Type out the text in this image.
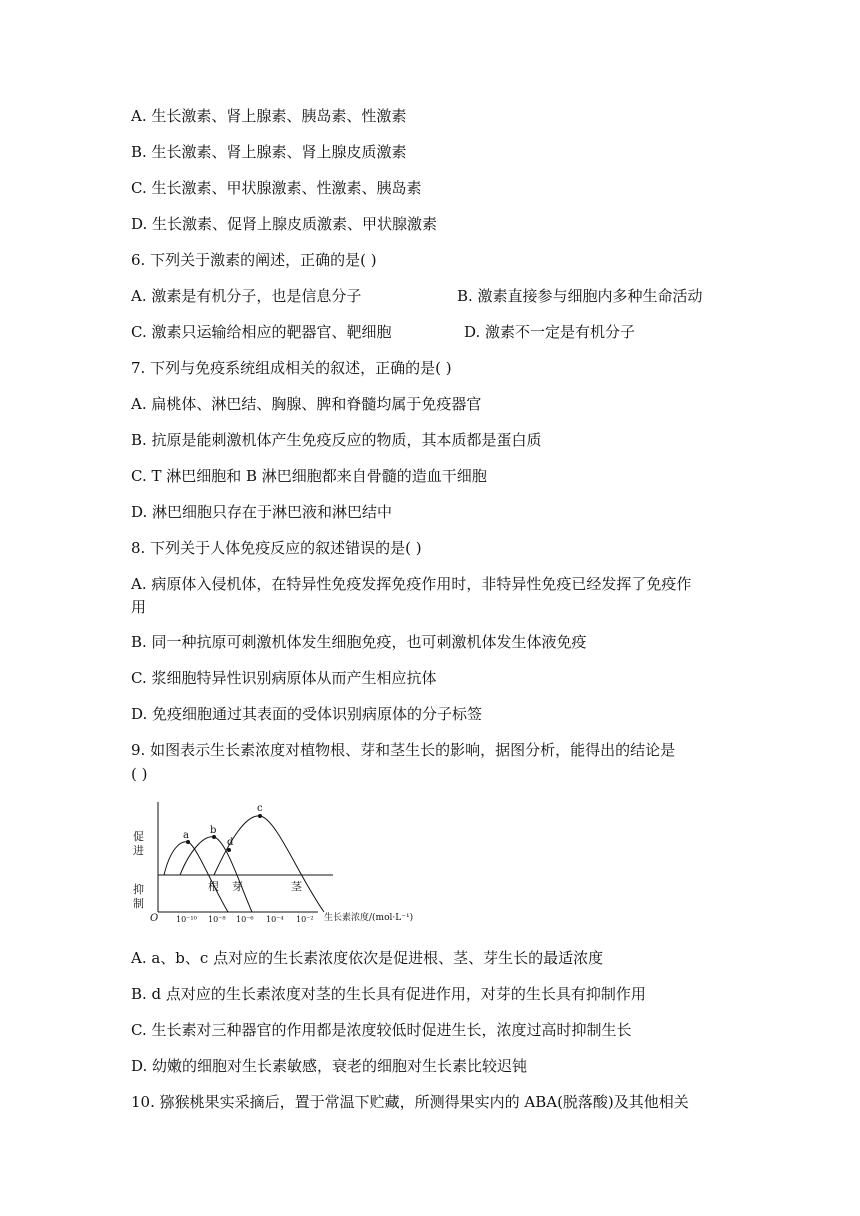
A. 生长激素、肾上腺素、胰岛素、性激素
B. 生长激素、肾上腺素、肾上腺皮质激素
C. 生长激素、甲状腺激素、性激素、胰岛素
D. 生长激素、促肾上腺皮质激素、甲状腺激素
6. 下列关于激素的阐述，正确的是( )
A. 激素是有机分子，也是信息分子	B. 激素直接参与细胞内多种生命活动
C. 激素只运输给相应的靶器官、靶细胞	D. 激素不一定是有机分子
7. 下列与免疫系统组成相关的叙述，正确的是( )
A. 扁桃体、淋巴结、胸腺、脾和脊髓均属于免疫器官
B. 抗原是能刺激机体产生免疫反应的物质，其本质都是蛋白质
C. T 淋巴细胞和 B 淋巴细胞都来自骨髓的造血干细胞
D. 淋巴细胞只存在于淋巴液和淋巴结中
8. 下列关于人体免疫反应的叙述错误的是( )
A. 病原体入侵机体，在特异性免疫发挥免疫作用时，非特异性免疫已经发挥了免疫作
用
B. 同一种抗原可刺激机体发生细胞免疫，也可刺激机体发生体液免疫
C. 浆细胞特异性识别病原体从而产生相应抗体
D. 免疫细胞通过其表面的受体识别病原体的分子标签
9. 如图表示生长素浓度对植物根、芽和茎生长的影响，据图分析，能得出的结论是
( )
促
进
抑
制
O 10⁻¹⁰ 10⁻⁸ 10⁻⁶ 10⁻⁴ 10⁻² 生长素浓度/(mol·L⁻¹)
a b
c
d
根 芽	茎
A. a、b、c 点对应的生长素浓度依次是促进根、茎、芽生长的最适浓度
B. d 点对应的生长素浓度对茎的生长具有促进作用，对芽的生长具有抑制作用
C. 生长素对三种器官的作用都是浓度较低时促进生长，浓度过高时抑制生长
D. 幼嫩的细胞对生长素敏感，衰老的细胞对生长素比较迟钝
10. 猕猴桃果实采摘后，置于常温下贮藏，所测得果实内的 ABA(脱落酸)及其他相关
